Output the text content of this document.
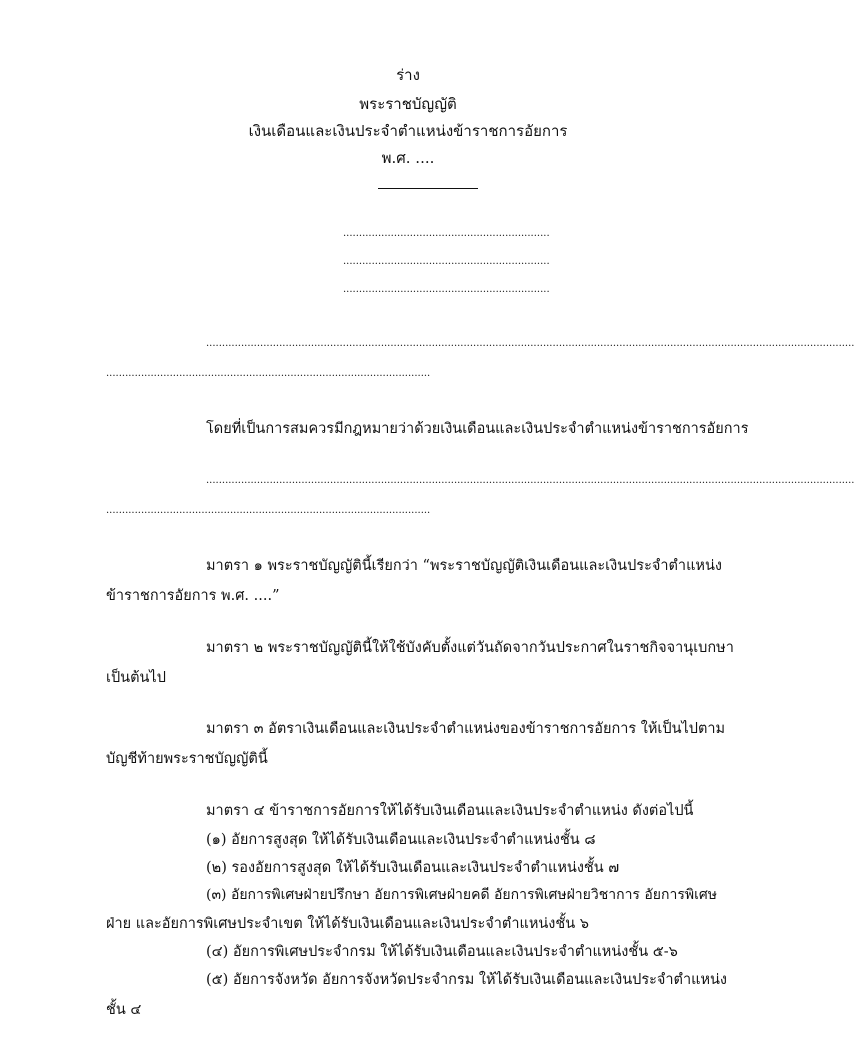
ร่าง
พระราชบัญญัติ
เงินเดือนและเงินประจำตำแหน่งข้าราชการอัยการ
พ.ศ. ....
.................................................................
.................................................................
.................................................................
............................................................................................................................................................................................................
......................................................................................................
โดยที่เป็นการสมควรมีกฎหมายว่าด้วยเงินเดือนและเงินประจำตำแหน่งข้าราชการอัยการ
............................................................................................................................................................................................................
......................................................................................................
มาตรา ๑ พระราชบัญญัตินี้เรียกว่า “พระราชบัญญัติเงินเดือนและเงินประจำตำแหน่ง
ข้าราชการอัยการ พ.ศ. ....”
มาตรา ๒ พระราชบัญญัตินี้ให้ใช้บังคับตั้งแต่วันถัดจากวันประกาศในราชกิจจานุเบกษา
เป็นต้นไป
มาตรา ๓ อัตราเงินเดือนและเงินประจำตำแหน่งของข้าราชการอัยการ ให้เป็นไปตาม
บัญชีท้ายพระราชบัญญัตินี้
มาตรา ๔ ข้าราชการอัยการให้ได้รับเงินเดือนและเงินประจำตำแหน่ง ดังต่อไปนี้
(๑) อัยการสูงสุด ให้ได้รับเงินเดือนและเงินประจำตำแหน่งชั้น ๘
(๒) รองอัยการสูงสุด ให้ได้รับเงินเดือนและเงินประจำตำแหน่งชั้น ๗
(๓) อัยการพิเศษฝ่ายปรึกษา อัยการพิเศษฝ่ายคดี อัยการพิเศษฝ่ายวิชาการ อัยการพิเศษ
ฝ่าย และอัยการพิเศษประจำเขต ให้ได้รับเงินเดือนและเงินประจำตำแหน่งชั้น ๖
(๔) อัยการพิเศษประจำกรม ให้ได้รับเงินเดือนและเงินประจำตำแหน่งชั้น ๕-๖
(๕) อัยการจังหวัด อัยการจังหวัดประจำกรม ให้ได้รับเงินเดือนและเงินประจำตำแหน่ง
ชั้น ๔
